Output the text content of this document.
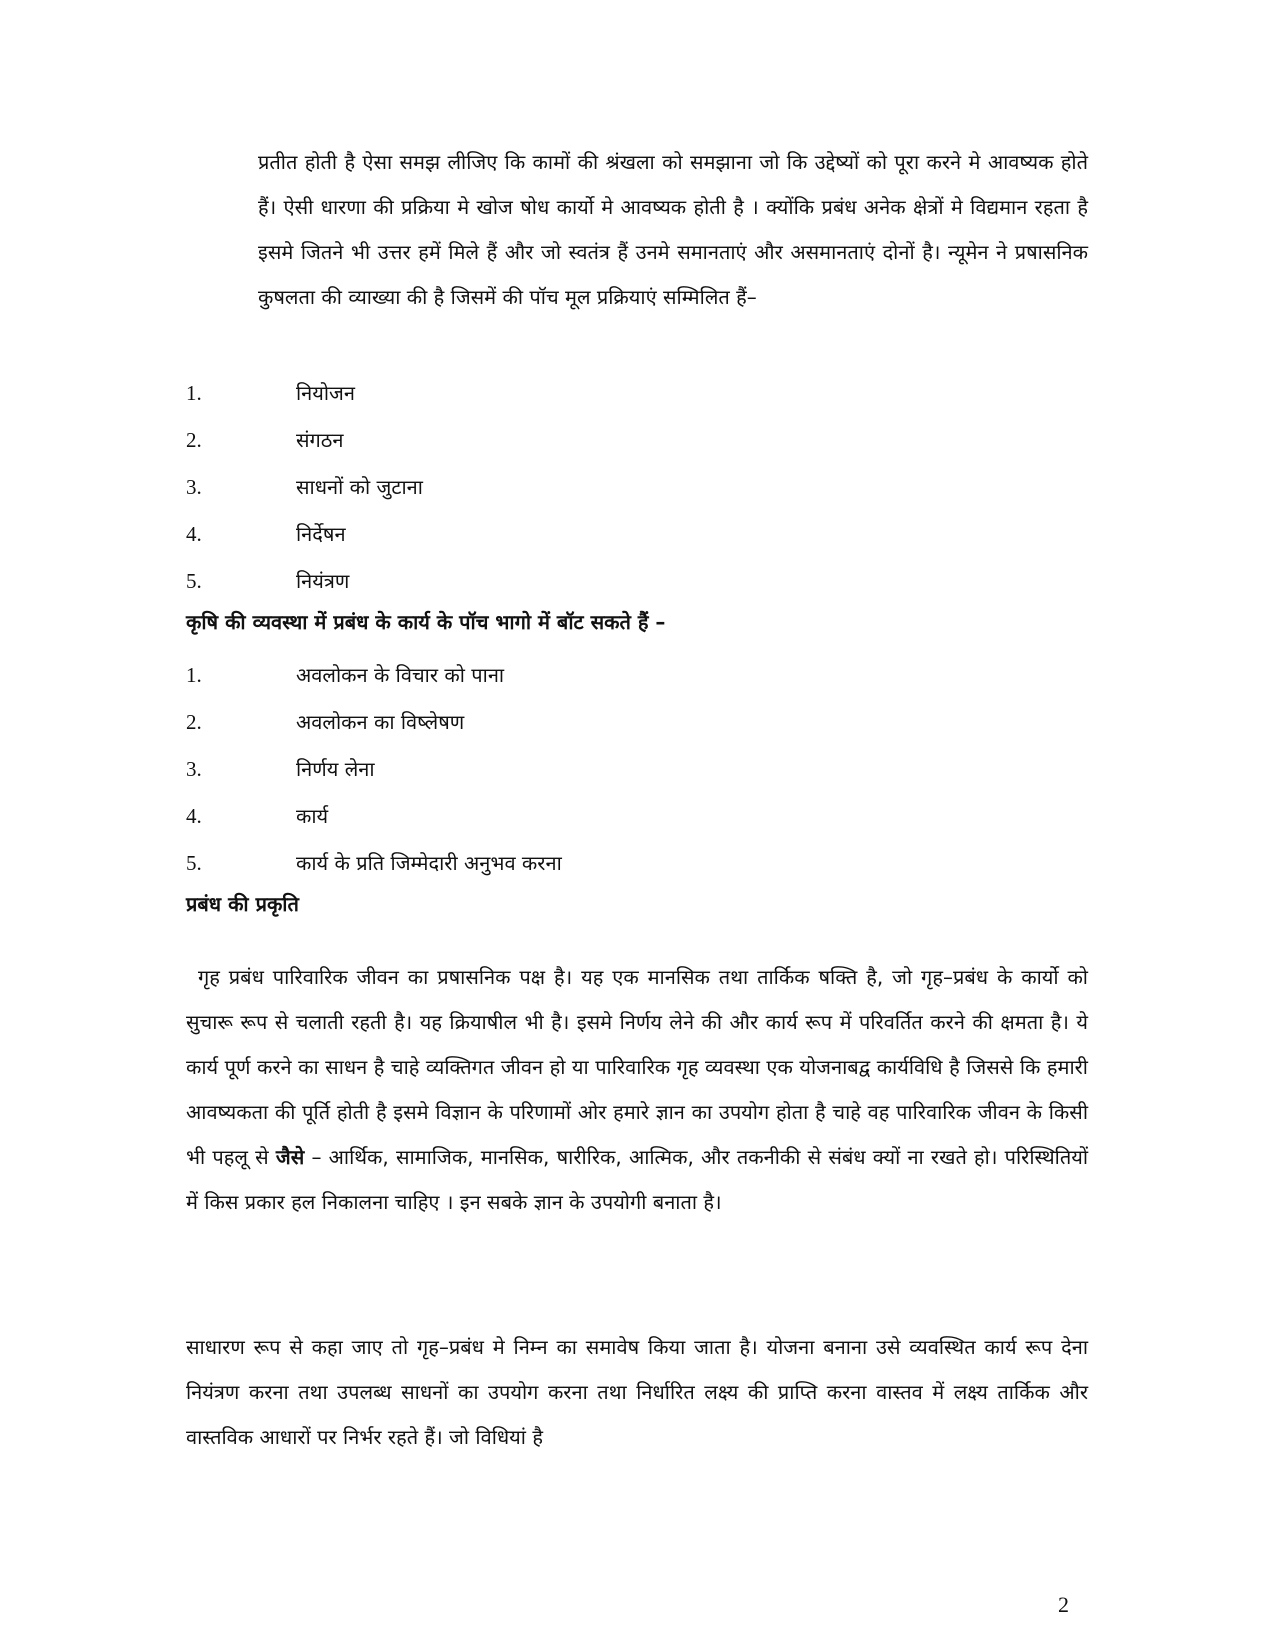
प्रतीत होती है ऐसा समझ लीजिए कि कामों की श्रंखला को समझाना जो कि उद्देष्यों को पूरा करने मे आवष्यक होते हैं। ऐसी धारणा की प्रक्रिया मे खोज षोध कार्यो मे आवष्यक होती है । क्योंकि प्रबंध अनेक क्षेत्रों मे विद्यमान रहता है इसमे जितने भी उत्तर हमें मिले हैं और जो स्वतंत्र हैं उनमे समानताएं और असमानताएं दोनों है। न्यूमेन ने प्रषासनिक कुषलता की व्याख्या की है जिसमें की पॉच मूल प्रक्रियाएं सम्मिलित हैं–

1.	नियोजन
2.	संगठन
3.	साधनों को जुटाना
4.	निर्देषन
5.	नियंत्रण
कृषि की व्यवस्था में प्रबंध के कार्य के पॉच भागो में बॉट सकते हैं –
1.	अवलोकन के विचार को पाना
2.	अवलोकन का विष्लेषण
3.	निर्णय लेना
4.	कार्य
5.	कार्य के प्रति जिम्मेदारी अनुभव करना
प्रबंध की प्रकृति

गृह प्रबंध पारिवारिक जीवन का प्रषासनिक पक्ष है। यह एक मानसिक तथा तार्किक षक्ति है, जो गृह–प्रबंध के कार्यो को सुचारू रूप से चलाती रहती है। यह क्रियाषील भी है। इसमे निर्णय लेने की और कार्य रूप में परिवर्तित करने की क्षमता है। ये कार्य पूर्ण करने का साधन है चाहे व्यक्तिगत जीवन हो या पारिवारिक गृह व्यवस्था एक योजनाबद्व कार्यविधि है जिससे कि हमारी आवष्यकता की पूर्ति होती है इसमे विज्ञान के परिणामों ओर हमारे ज्ञान का उपयोग होता है चाहे वह पारिवारिक जीवन के किसी भी पहलू से जैसे – आर्थिक, सामाजिक, मानसिक, षारीरिक, आत्मिक, और तकनीकी से संबंध क्यों ना रखते हो। परिस्थितियों में किस प्रकार हल निकालना चाहिए । इन सबके ज्ञान के उपयोगी बनाता है।

साधारण रूप से कहा जाए तो गृह–प्रबंध मे निम्न का समावेष किया जाता है। योजना बनाना उसे व्यवस्थित कार्य रूप देना नियंत्रण करना तथा उपलब्ध साधनों का उपयोग करना तथा निर्धारित लक्ष्य की प्राप्ति करना वास्तव में लक्ष्य तार्किक और वास्तविक आधारों पर निर्भर रहते हैं। जो विधियां है

2
